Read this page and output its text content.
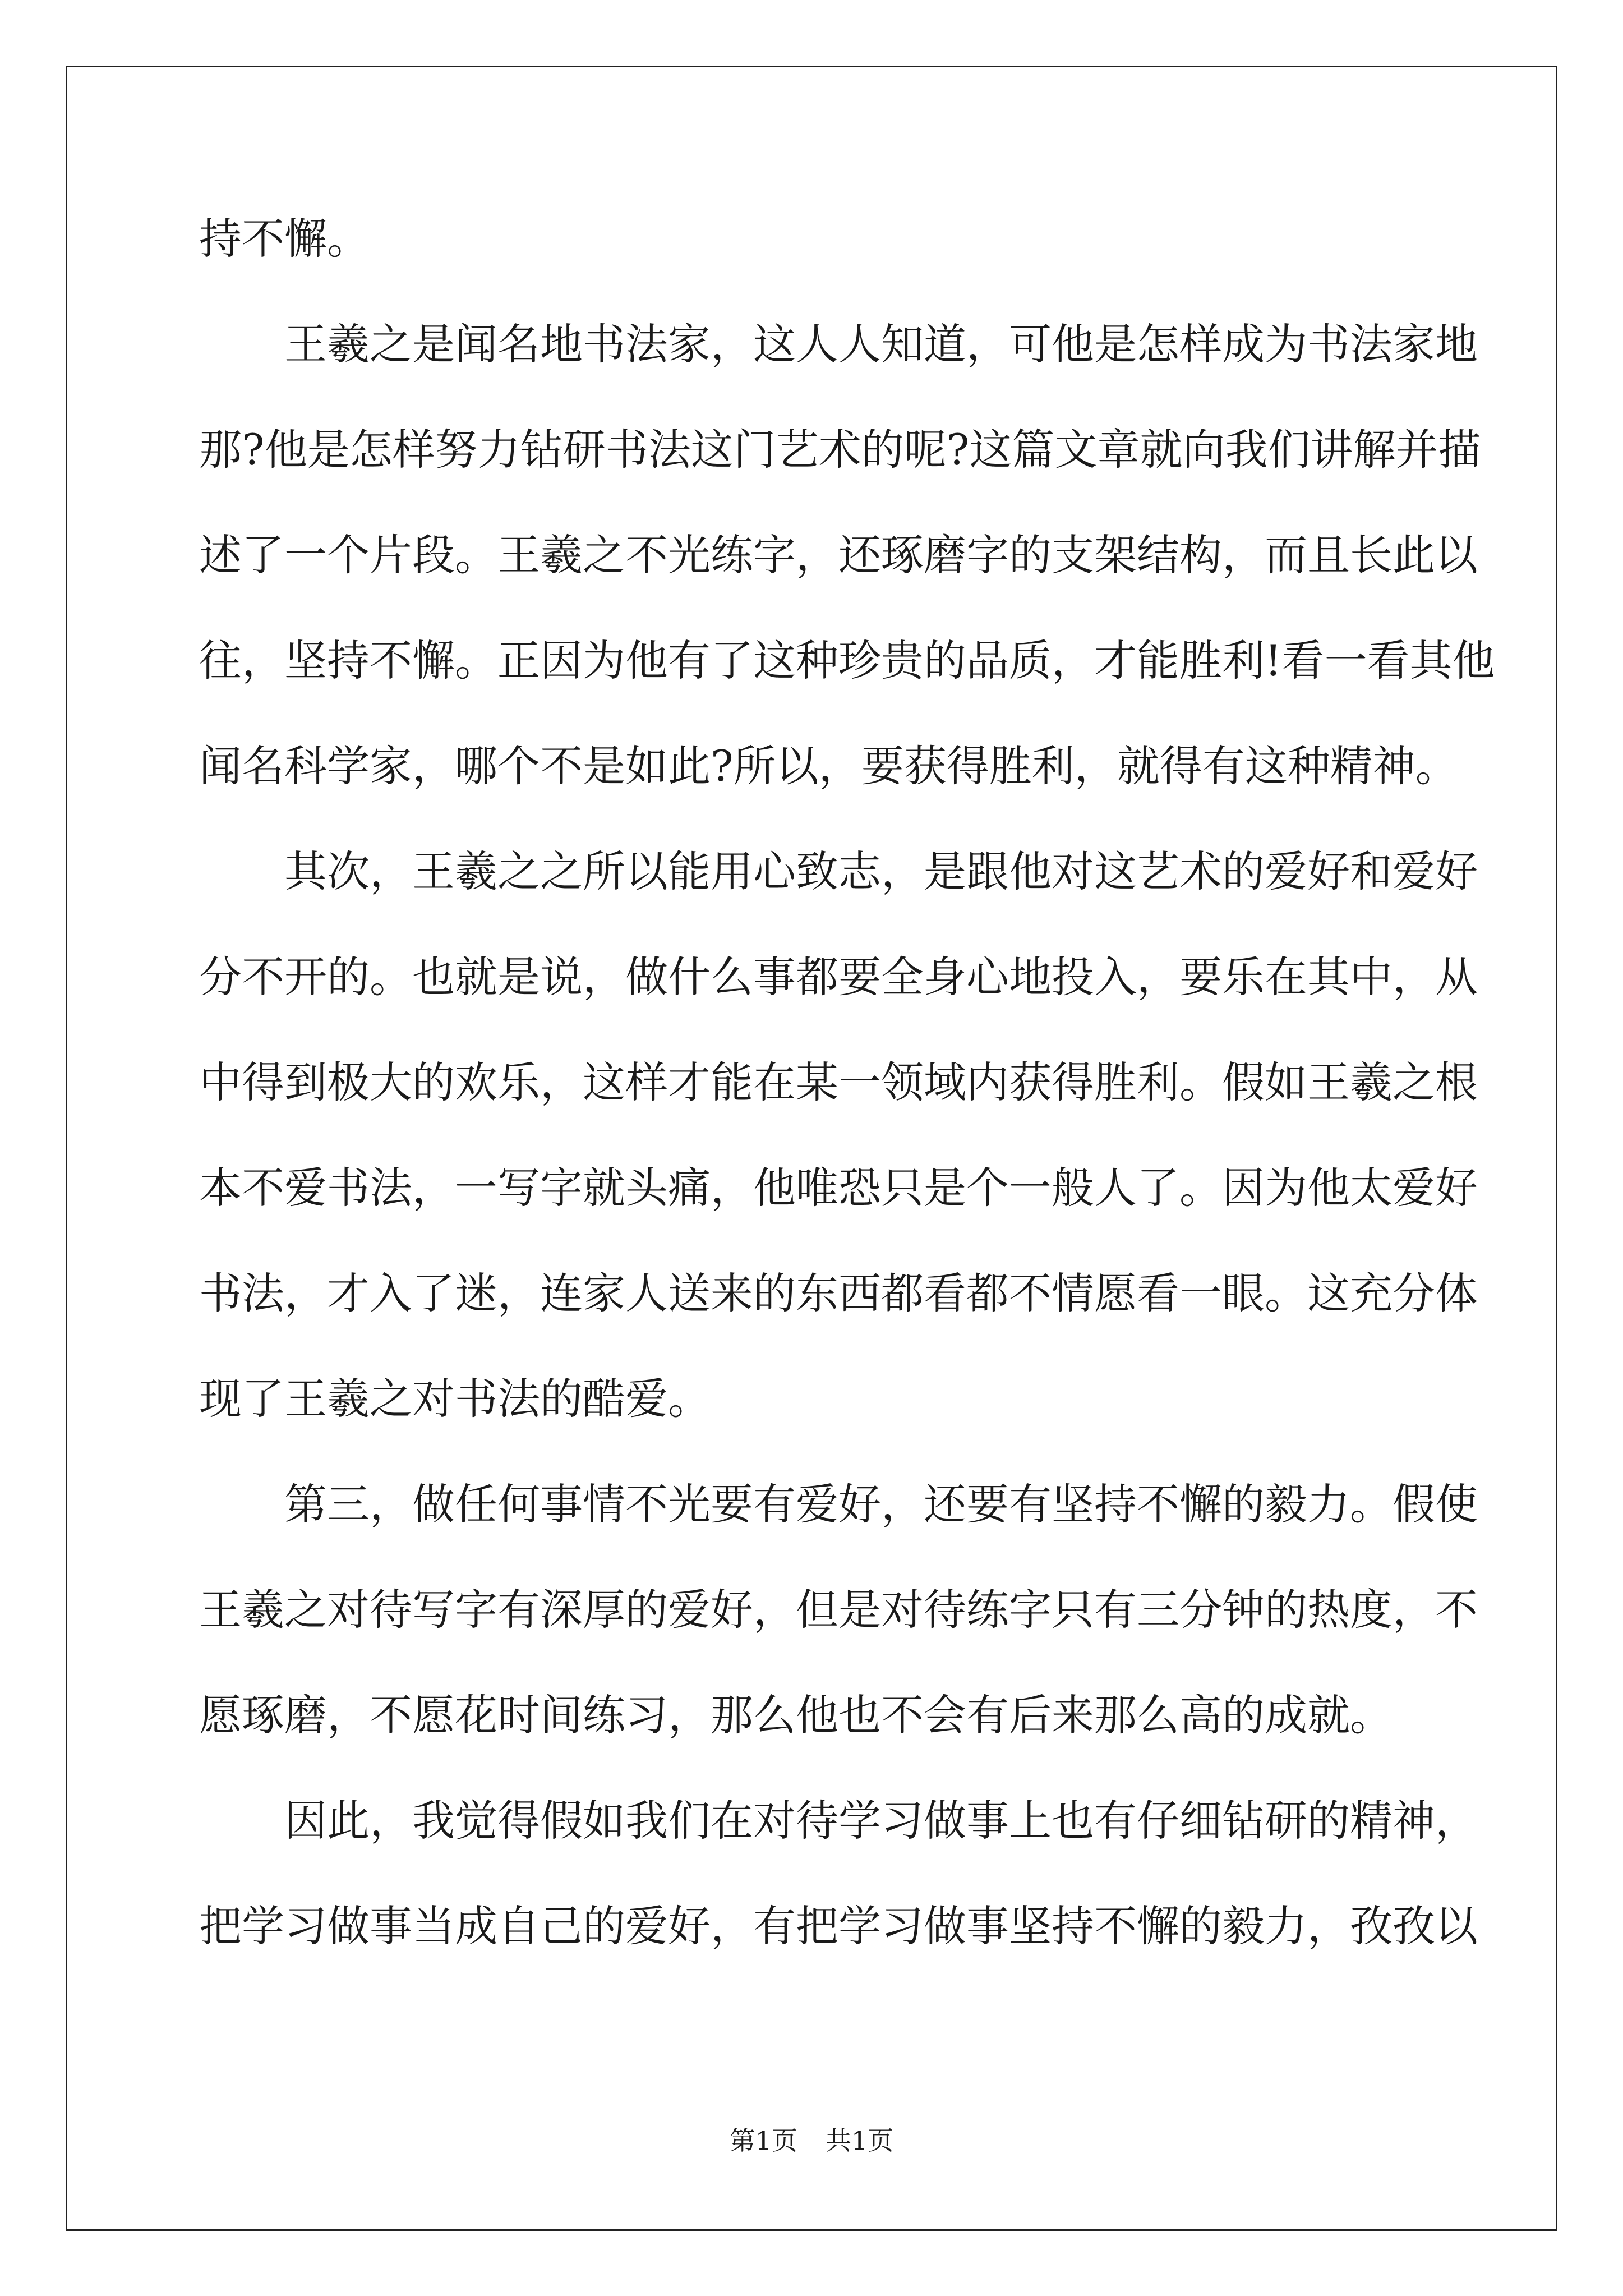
持不懈。
王羲之是闻名地书法家，这人人知道，可他是怎样成为书法家地
那?他是怎样努力钻研书法这门艺术的呢?这篇文章就向我们讲解并描
述了一个片段。王羲之不光练字，还琢磨字的支架结构，而且长此以
往，坚持不懈。正因为他有了这种珍贵的品质，才能胜利!看一看其他
闻名科学家，哪个不是如此?所以，要获得胜利，就得有这种精神。
其次，王羲之之所以能用心致志，是跟他对这艺术的爱好和爱好
分不开的。也就是说，做什么事都要全身心地投入，要乐在其中，从
中得到极大的欢乐，这样才能在某一领域内获得胜利。假如王羲之根
本不爱书法，一写字就头痛，他唯恐只是个一般人了。因为他太爱好
书法，才入了迷，连家人送来的东西都看都不情愿看一眼。这充分体
现了王羲之对书法的酷爱。
第三，做任何事情不光要有爱好，还要有坚持不懈的毅力。假使
王羲之对待写字有深厚的爱好，但是对待练字只有三分钟的热度，不
愿琢磨，不愿花时间练习，那么他也不会有后来那么高的成就。
因此，我觉得假如我们在对待学习做事上也有仔细钻研的精神，
把学习做事当成自己的爱好，有把学习做事坚持不懈的毅力，孜孜以
第1页 共1页
